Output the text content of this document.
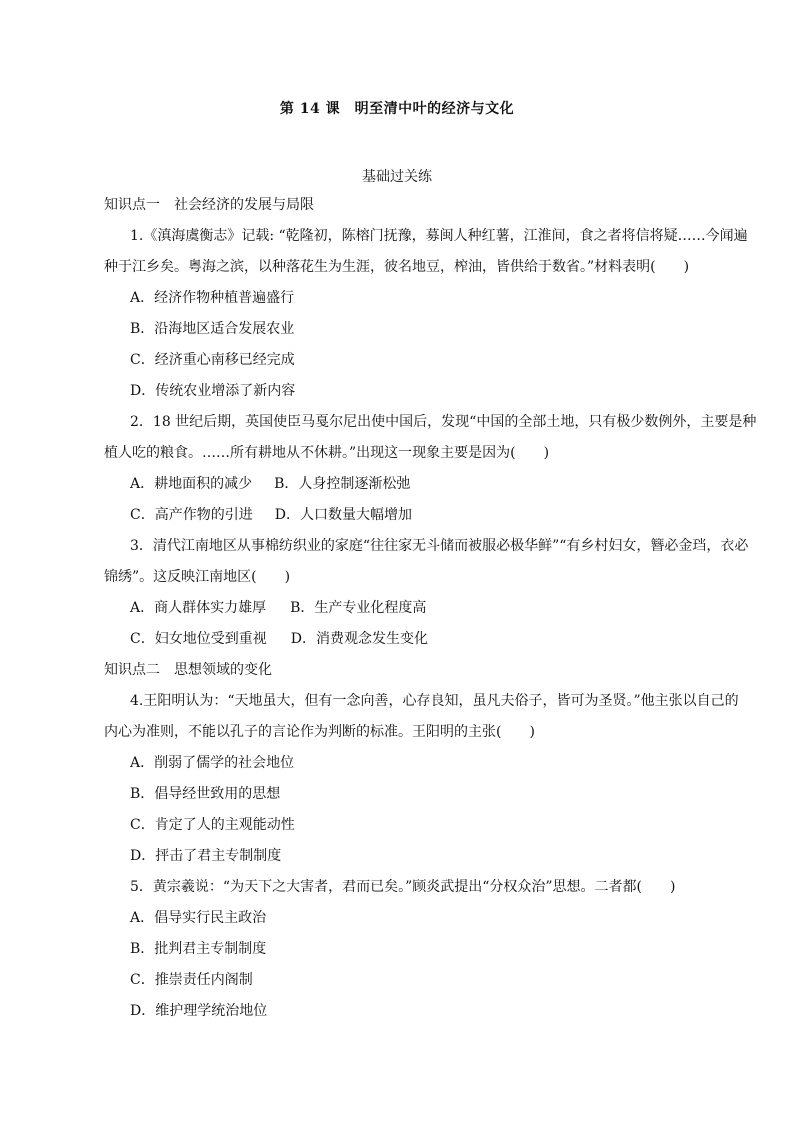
第 14 课　明至清中叶的经济与文化
基础过关练
知识点一　社会经济的发展与局限
1.《滇海虞衡志》记载: “乾隆初，陈榕门抚豫，募闽人种红薯，江淮间，食之者将信将疑……今闻遍
种于江乡矣。粤海之滨，以种落花生为生涯，彼名地豆，榨油，皆供给于数省。”材料表明(　　)
A．经济作物种植普遍盛行
B．沿海地区适合发展农业
C．经济重心南移已经完成
D．传统农业增添了新内容
2．18 世纪后期，英国使臣马戛尔尼出使中国后，发现“中国的全部土地，只有极少数例外，主要是种
植人吃的粮食。……所有耕地从不休耕。”出现这一现象主要是因为(　　)
A．耕地面积的减少 B．人身控制逐渐松弛
C．高产作物的引进 D．人口数量大幅增加
3．清代江南地区从事棉纺织业的家庭“往往家无斗储而被服必极华鲜”“有乡村妇女，簪必金珰，衣必
锦绣”。这反映江南地区(　　)
A．商人群体实力雄厚 B．生产专业化程度高
C．妇女地位受到重视 D．消费观念发生变化
知识点二　思想领域的变化
4.王阳明认为：“天地虽大，但有一念向善，心存良知，虽凡夫俗子，皆可为圣贤。”他主张以自己的
内心为准则，不能以孔子的言论作为判断的标准。王阳明的主张(　　)
A．削弱了儒学的社会地位
B．倡导经世致用的思想
C．肯定了人的主观能动性
D．抨击了君主专制制度
5．黄宗羲说：“为天下之大害者，君而已矣。”顾炎武提出“分权众治”思想。二者都(　　)
A．倡导实行民主政治
B．批判君主专制制度
C．推崇责任内阁制
D．维护理学统治地位
